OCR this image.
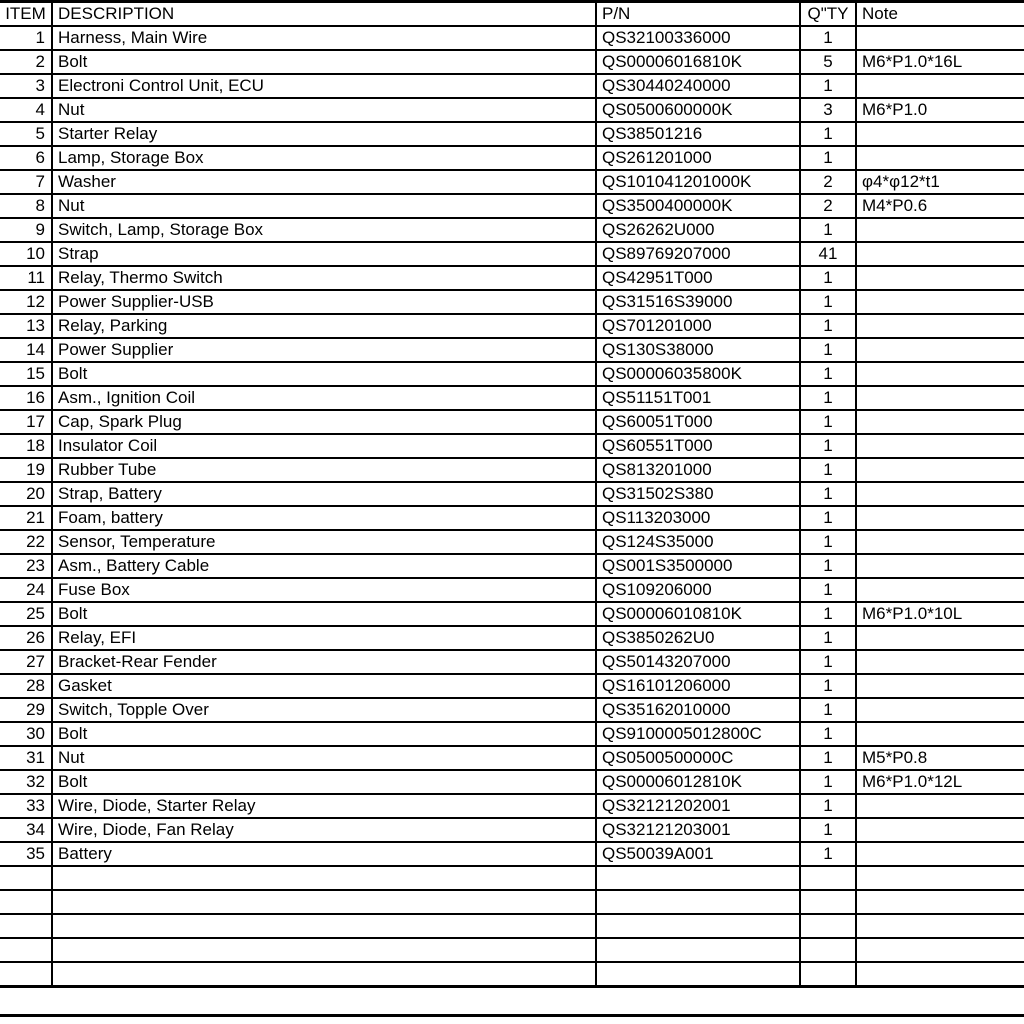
ITEM	DESCRIPTION	P/N	Q"TY	Note
1	Harness, Main Wire	QS32100336000	1	
2	Bolt	QS00006016810K	5	M6*P1.0*16L
3	Electroni Control Unit, ECU	QS30440240000	1	
4	Nut	QS0500600000K	3	M6*P1.0
5	Starter Relay	QS38501216	1	
6	Lamp, Storage Box	QS261201000	1	
7	Washer	QS101041201000K	2	φ4*φ12*t1
8	Nut	QS3500400000K	2	M4*P0.6
9	Switch, Lamp, Storage Box	QS26262U000	1	
10	Strap	QS89769207000	41	
11	Relay, Thermo Switch	QS42951T000	1	
12	Power Supplier-USB	QS31516S39000	1	
13	Relay, Parking	QS701201000	1	
14	Power Supplier	QS130S38000	1	
15	Bolt	QS00006035800K	1	
16	Asm., Ignition Coil	QS51151T001	1	
17	Cap, Spark Plug	QS60051T000	1	
18	Insulator Coil	QS60551T000	1	
19	Rubber Tube	QS813201000	1	
20	Strap, Battery	QS31502S380	1	
21	Foam, battery	QS113203000	1	
22	Sensor, Temperature	QS124S35000	1	
23	Asm., Battery Cable	QS001S3500000	1	
24	Fuse Box	QS109206000	1	
25	Bolt	QS00006010810K	1	M6*P1.0*10L
26	Relay, EFI	QS3850262U0	1	
27	Bracket-Rear Fender	QS50143207000	1	
28	Gasket	QS16101206000	1	
29	Switch, Topple Over	QS35162010000	1	
30	Bolt	QS9100005012800C	1	
31	Nut	QS0500500000C	1	M5*P0.8
32	Bolt	QS00006012810K	1	M6*P1.0*12L
33	Wire, Diode, Starter Relay	QS32121202001	1	
34	Wire, Diode, Fan Relay	QS32121203001	1	
35	Battery	QS50039A001	1	
